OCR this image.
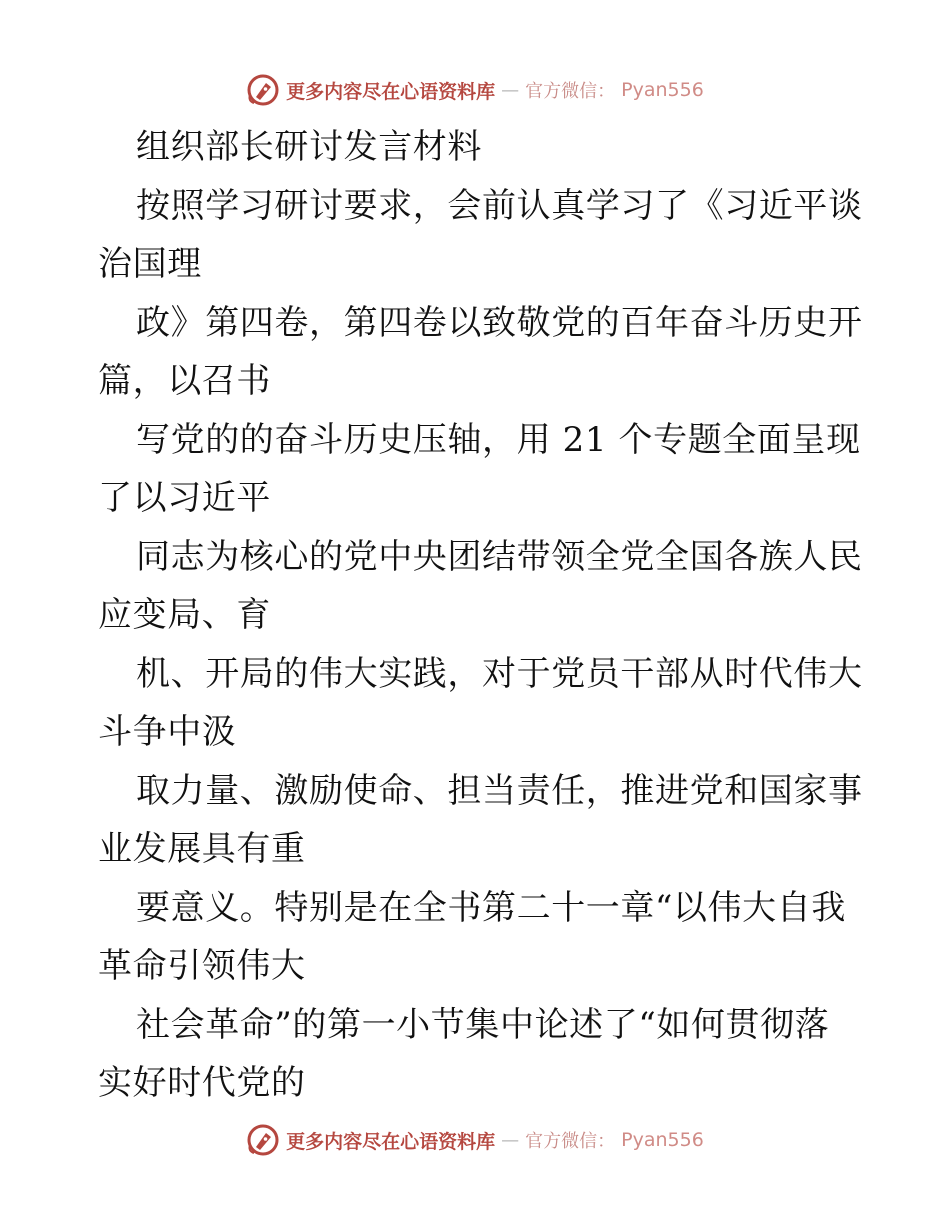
更多内容尽在心语资料库 — 官方微信： Pyan556
组织部长研讨发言材料
按照学习研讨要求，会前认真学习了《习近平谈
治国理
政》第四卷，第四卷以致敬党的百年奋斗历史开
篇，以召书
写党的的奋斗历史压轴，用 21 个专题全面呈现
了以习近平
同志为核心的党中央团结带领全党全国各族人民
应变局、育
机、开局的伟大实践，对于党员干部从时代伟大
斗争中汲
取力量、激励使命、担当责任，推进党和国家事
业发展具有重
要意义。特别是在全书第二十一章“以伟大自我
革命引领伟大
社会革命”的第一小节集中论述了“如何贯彻落
实好时代党的
更多内容尽在心语资料库 — 官方微信： Pyan556
